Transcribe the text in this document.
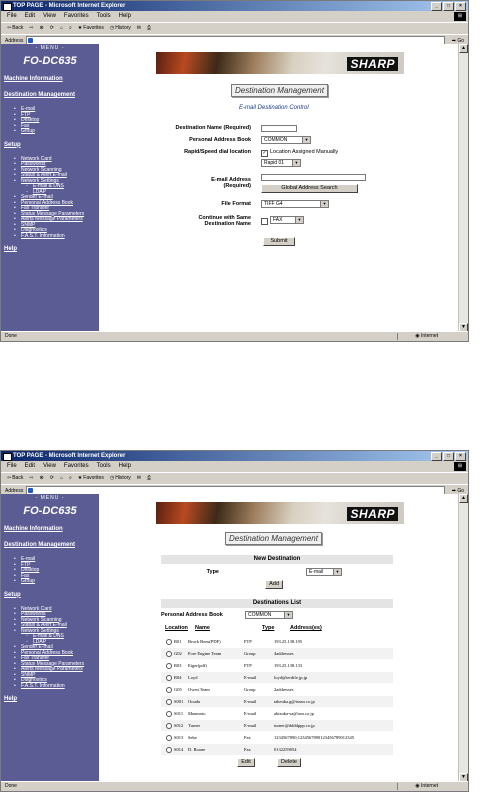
TOP PAGE - Microsoft Internet Explorer	_	□	×
File Edit View Favorites Tools Help	⊞
⇦ Back ⇨ ⊗ ⟳ ⌂ ⌕ ★ Favorites ◷ History ✉ ⎙
Address	➡ Go
- MENU -
FO-DC635
Machine Information
Destination Management
• E-mail
• FTP
• Desktop
• Fax
• Group
Setup
• Network Card
• Passwords
• Network Scanning
• Status & Alert E-mail
• Network Settings
◦ E-mail & DNS
◦ LDAP
• Sender E-mail
• Personal Address Book
• Fax Transfer
• Status Message Parameters
• Alerts Message Parameters
• SNMP
• Diagnostics
• F.A.S.T. Information
Help
SHARP
Destination Management
E-mail Destination Control
Destination Name (Required)
Personal Address Book	COMMON	▼
Rapid/Speed dial location ✓ Location Assigned Manually
Rapid 01	▼
E-mail Address
(Required)	Global Address Search
File Format	TIFF G4	▼
Continue with Same
Destination Name
FAX	▼
Submit
▲
▼
Done	◉ Internet
TOP PAGE - Microsoft Internet Explorer	_	□	×
File Edit View Favorites Tools Help	⊞
⇦ Back ⇨ ⊗ ⟳ ⌂ ⌕ ★ Favorites ◷ History ✉ ⎙
Address	➡ Go
- MENU -
FO-DC635
Machine Information
Destination Management
• E-mail
• FTP
• Desktop
• Fax
• Group
Setup
• Network Card
• Passwords
• Network Scanning
• Status & Alert E-mail
• Network Settings
◦ E-mail & DNS
◦ LDAP
• Sender E-mail
• Personal Address Book
• Fax Transfer
• Status Message Parameters
• Alerts Message Parameters
• SNMP
• Diagnostics
• F.A.S.T. Information
Help
SHARP
Destination Management
New Destination
Type	E-mail	▼
Add
Destinations List
Personal Address Book	COMMON	▼
Location	Name	Type	Address(es)
R01	Bruck Beeu(PDF)	FTP	193.25.138.195
G02	Fore Engine Team	Group	4addresses
R03	Eiger(pdf)	FTP	193.25.138.133
R04	Loyd	E-mail	loyd@terdife.jp.jp
G05	Owen Team	Group	2addresses
S001	Oouda	E-mail	takeuka.g@isnsn.co.jp
S011	Maumoto	E-mail	akizuka-sa@ism.co.jp
S012	Turner	E-mail	turner@ddddppp.co.jp
S013	Sebe	Fax	1234567890;1234567890123456789012345
S014	D. Boone	Fax	0132259054
Edit	Delete
▲
▼
Done	◉ Internet
